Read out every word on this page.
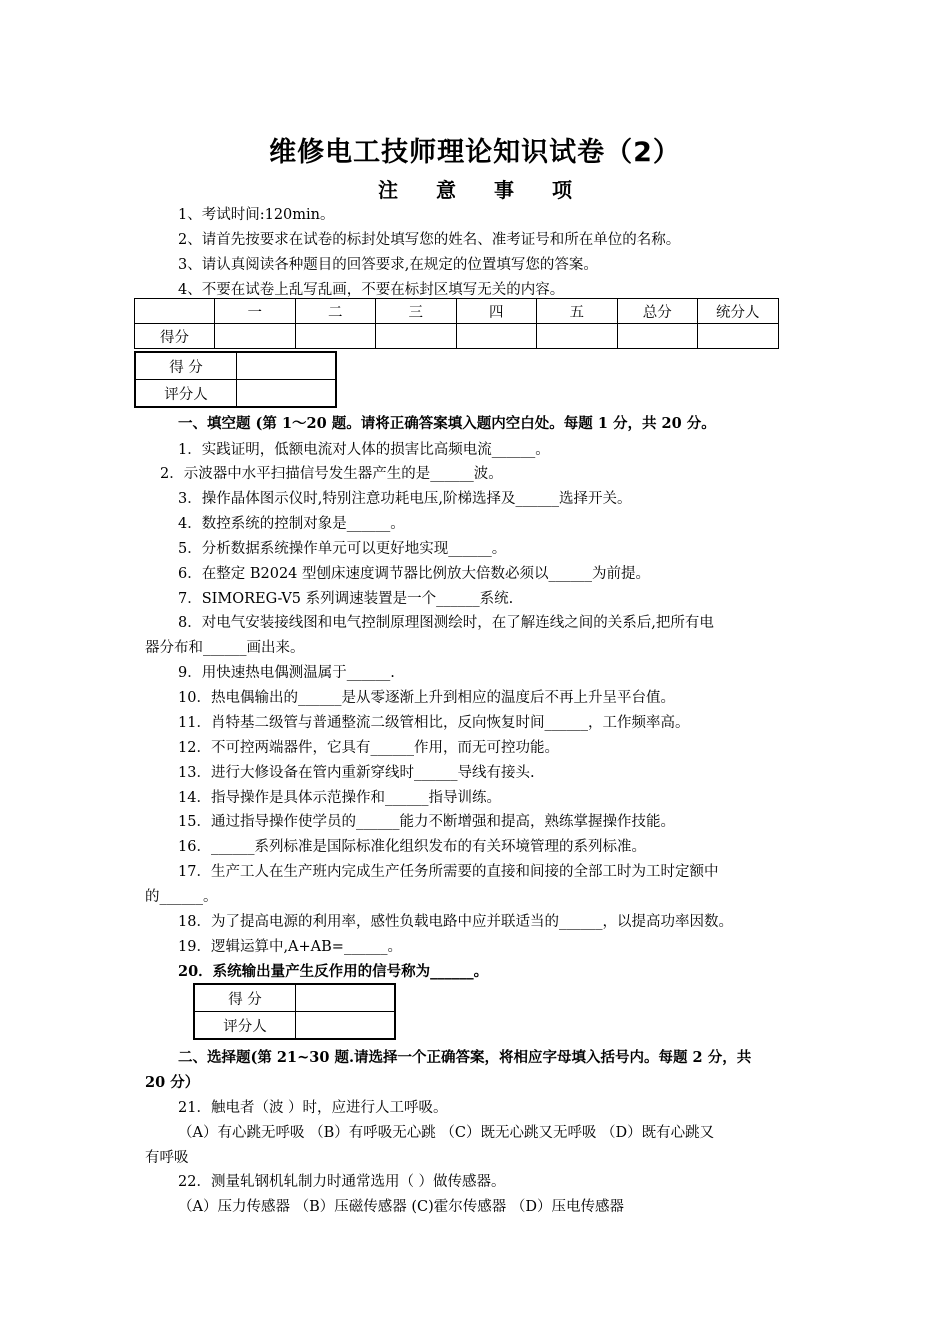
维修电工技师理论知识试卷（2）
注 意 事 项
1、考试时间:120min。
2、请首先按要求在试卷的标封处填写您的姓名、准考证号和所在单位的名称。
3、请认真阅读各种题目的回答要求,在规定的位置填写您的答案。
4、不要在试卷上乱写乱画，不要在标封区填写无关的内容。
	一	二	三	四	五	总分	统分人
得分							
得 分	
评分人	
一、填空题 (第 1～20 题。请将正确答案填入题内空白处。每题 1 分，共 20 分。
1．实践证明，低额电流对人体的损害比高频电流______。
2．示波器中水平扫描信号发生器产生的是______波。
3．操作晶体图示仪时,特别注意功耗电压,阶梯选择及______选择开关。
4．数控系统的控制对象是______。
5．分析数据系统操作单元可以更好地实现______。
6．在整定 B2024 型刨床速度调节器比例放大倍数必须以______为前提。
7．SIMOREG-V5 系列调速装置是一个______系统.
8．对电气安装接线图和电气控制原理图测绘时，在了解连线之间的关系后,把所有电
器分布和______画出来。
9．用快速热电偶测温属于______.
10．热电偶输出的______是从零逐渐上升到相应的温度后不再上升呈平台值。
11．肖特基二级管与普通整流二级管相比，反向恢复时间______，工作频率高。
12．不可控两端器件，它具有______作用，而无可控功能。
13．进行大修设备在管内重新穿线时______导线有接头.
14．指导操作是具体示范操作和______指导训练。
15．通过指导操作使学员的______能力不断增强和提高，熟练掌握操作技能。
16．______系列标准是国际标准化组织发布的有关环境管理的系列标准。
17．生产工人在生产班内完成生产任务所需要的直接和间接的全部工时为工时定额中
的______。
18．为了提高电源的利用率，感性负载电路中应并联适当的______，以提高功率因数。
19．逻辑运算中,A+AB=______。
20．系统输出量产生反作用的信号称为______。
得 分	
评分人	
二、选择题(第 21~30 题.请选择一个正确答案，将相应字母填入括号内。每题 2 分，共
20 分）
21．触电者（波 ）时，应进行人工呼吸。
（A）有心跳无呼吸 （B）有呼吸无心跳 （C）既无心跳又无呼吸 （D）既有心跳又
有呼吸
22．测量轧钢机轧制力时通常选用（ ）做传感器。
（A）压力传感器 （B）压磁传感器 (C)霍尔传感器 （D）压电传感器
